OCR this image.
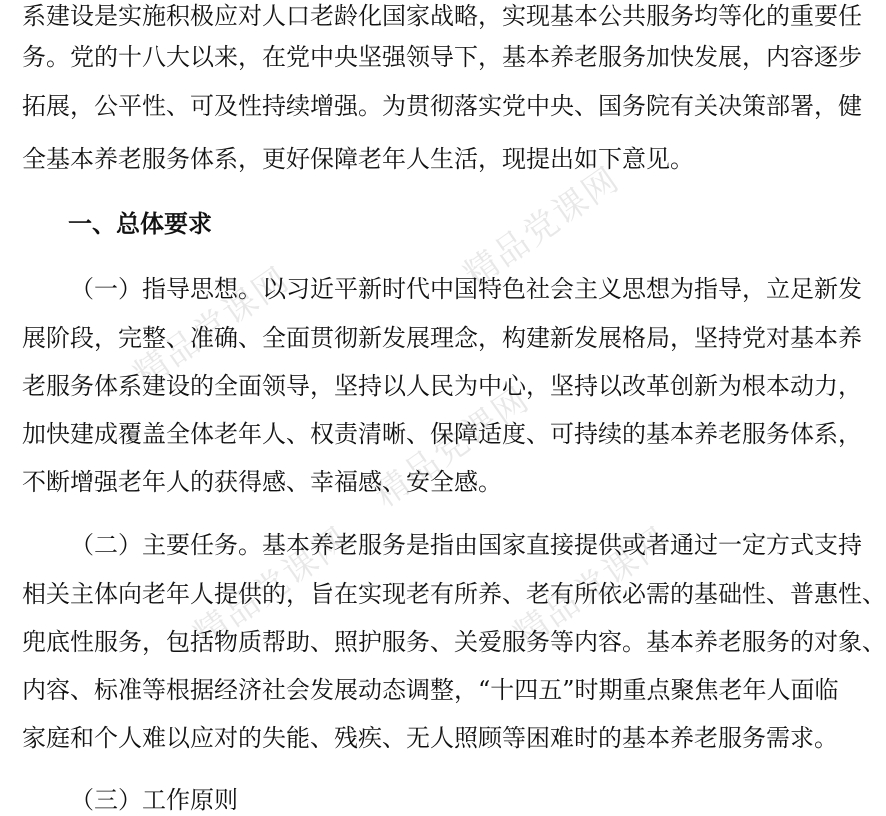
精品党课网
精品党课网
精品党课网
精品党课网	精品党课网
系建设是实施积极应对人口老龄化国家战略，实现基本公共服务均等化的重要任
务。党的十八大以来，在党中央坚强领导下，基本养老服务加快发展，内容逐步
拓展，公平性、可及性持续增强。为贯彻落实党中央、国务院有关决策部署，健
全基本养老服务体系，更好保障老年人生活，现提出如下意见。
一、总体要求
（一）指导思想。以习近平新时代中国特色社会主义思想为指导，立足新发
展阶段，完整、准确、全面贯彻新发展理念，构建新发展格局，坚持党对基本养
老服务体系建设的全面领导，坚持以人民为中心，坚持以改革创新为根本动力，
加快建成覆盖全体老年人、权责清晰、保障适度、可持续的基本养老服务体系，
不断增强老年人的获得感、幸福感、安全感。
（二）主要任务。基本养老服务是指由国家直接提供或者通过一定方式支持
相关主体向老年人提供的，旨在实现老有所养、老有所依必需的基础性、普惠性、
兜底性服务，包括物质帮助、照护服务、关爱服务等内容。基本养老服务的对象、
内容、标准等根据经济社会发展动态调整，“十四五”时期重点聚焦老年人面临
家庭和个人难以应对的失能、残疾、无人照顾等困难时的基本养老服务需求。
（三）工作原则
